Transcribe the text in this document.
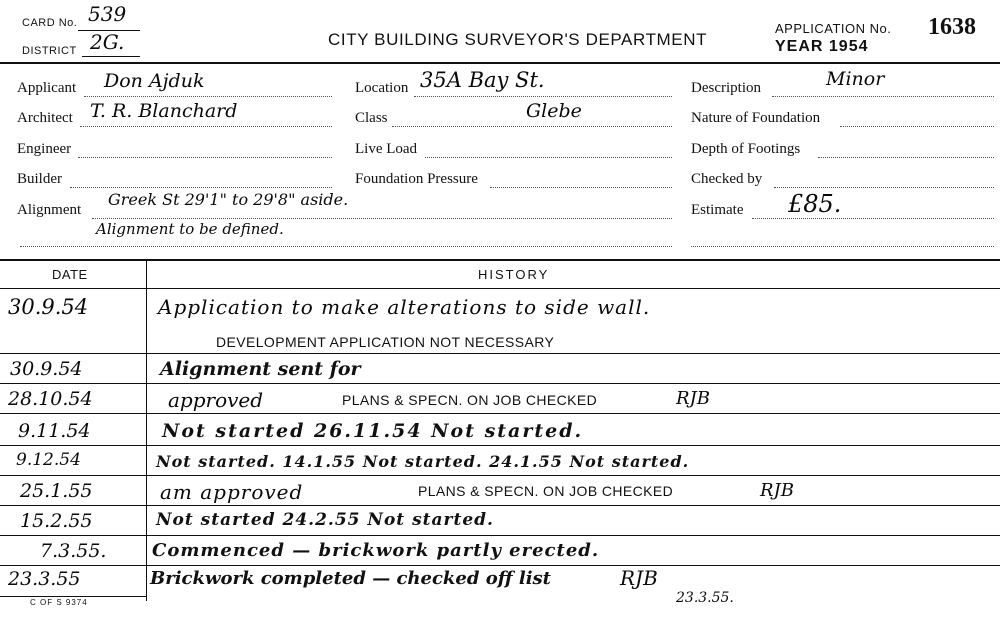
CARD No. 539
DISTRICT 2G.	CITY BUILDING SURVEYOR'S DEPARTMENT
APPLICATION No. 1638
YEAR 1954
Applicant Don Ajduk	Location 35A Bay St.	Description	Minor
Architect T. R. Blanchard	Class	Glebe	Nature of Foundation
Engineer	Live Load	Depth of Footings
Builder	Foundation Pressure	Checked by
Alignment
Greek St 29'1" to 29'8" aside.
Alignment to be defined.
Estimate £85.
DATE	HISTORY
30.9.54	Application to make alterations to side wall.
DEVELOPMENT APPLICATION NOT NECESSARY
30.9.54	Alignment sent for
28.10.54	approved	PLANS & SPECN. ON JOB CHECKED	RJB
9.11.54	Not started 26.11.54 Not started.
9.12.54	Not started. 14.1.55 Not started. 24.1.55 Not started.
25.1.55	am approved	PLANS & SPECN. ON JOB CHECKED	RJB
15.2.55	Not started 24.2.55 Not started.
7.3.55.	Commenced — brickwork partly erected.
23.3.55	Brickwork completed — checked off list	RJB
23.3.55.
C OF S 9374
